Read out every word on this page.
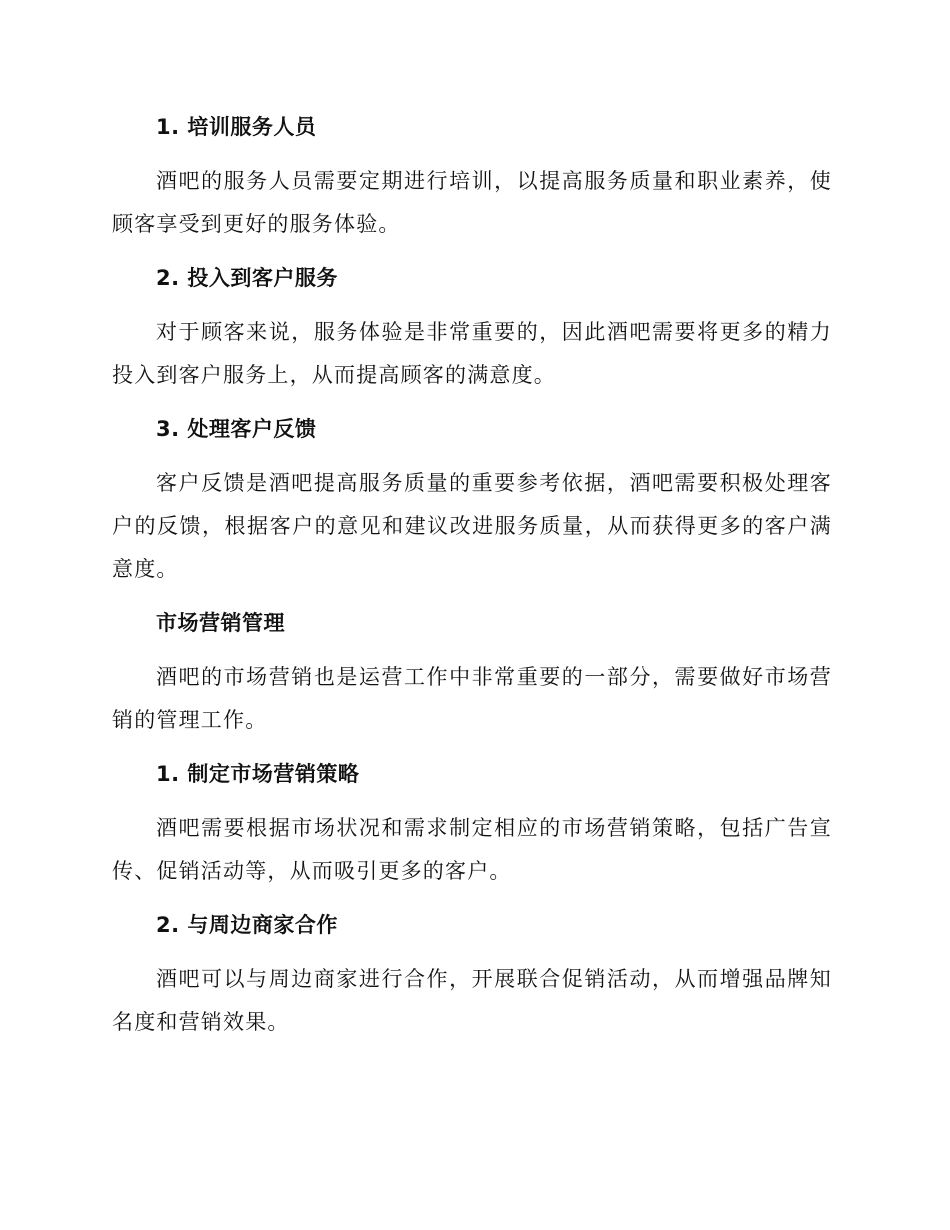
1. 培训服务人员

酒吧的服务人员需要定期进行培训，以提高服务质量和职业素养，使顾客享受到更好的服务体验。

2. 投入到客户服务

对于顾客来说，服务体验是非常重要的，因此酒吧需要将更多的精力投入到客户服务上，从而提高顾客的满意度。

3. 处理客户反馈

客户反馈是酒吧提高服务质量的重要参考依据，酒吧需要积极处理客户的反馈，根据客户的意见和建议改进服务质量，从而获得更多的客户满意度。

市场营销管理

酒吧的市场营销也是运营工作中非常重要的一部分，需要做好市场营销的管理工作。

1. 制定市场营销策略

酒吧需要根据市场状况和需求制定相应的市场营销策略，包括广告宣传、促销活动等，从而吸引更多的客户。

2. 与周边商家合作

酒吧可以与周边商家进行合作，开展联合促销活动，从而增强品牌知名度和营销效果。
